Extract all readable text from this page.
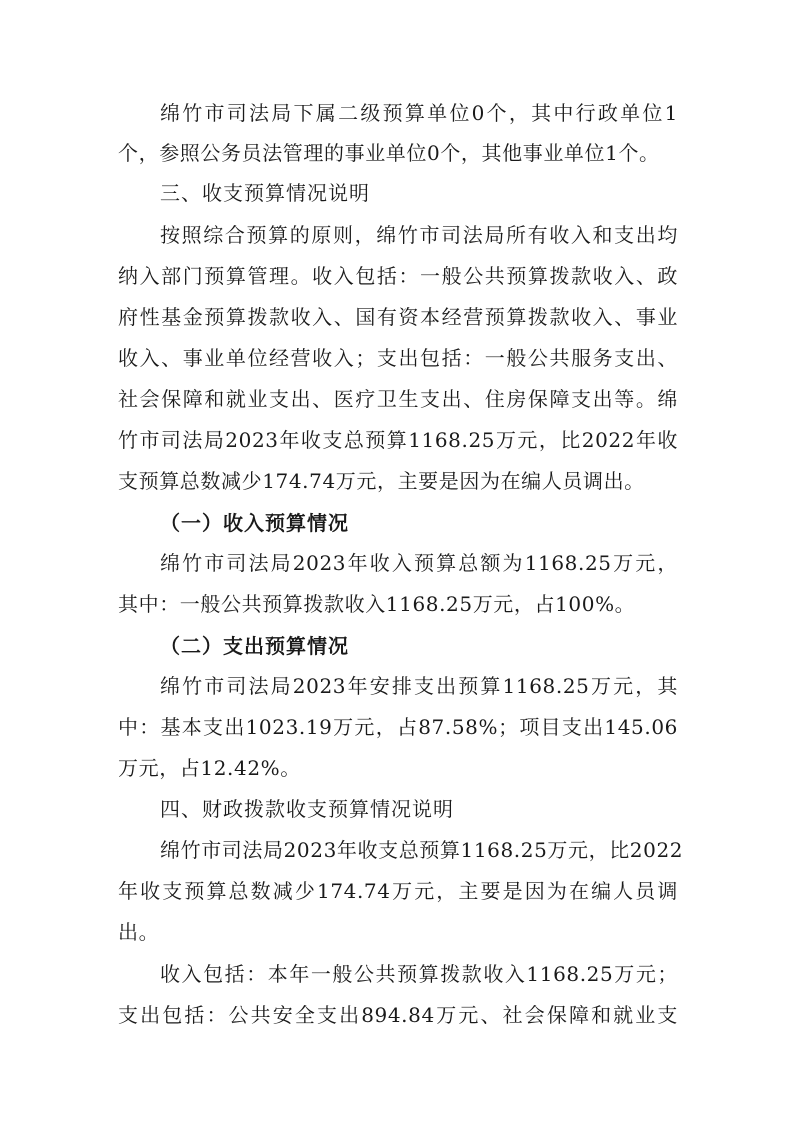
绵竹市司法局下属二级预算单位0个，其中行政单位1
个，参照公务员法管理的事业单位0个，其他事业单位1个。
三、收支预算情况说明
按照综合预算的原则，绵竹市司法局所有收入和支出均
纳入部门预算管理。收入包括：一般公共预算拨款收入、政
府性基金预算拨款收入、国有资本经营预算拨款收入、事业
收入、事业单位经营收入；支出包括：一般公共服务支出、
社会保障和就业支出、医疗卫生支出、住房保障支出等。绵
竹市司法局2023年收支总预算1168.25万元，比2022年收
支预算总数减少174.74万元，主要是因为在编人员调出。
（一）收入预算情况
绵竹市司法局2023年收入预算总额为1168.25万元，
其中：一般公共预算拨款收入1168.25万元，占100%。
（二）支出预算情况
绵竹市司法局2023年安排支出预算1168.25万元，其
中：基本支出1023.19万元，占87.58%；项目支出145.06
万元，占12.42%。
四、财政拨款收支预算情况说明
绵竹市司法局2023年收支总预算1168.25万元，比2022
年收支预算总数减少174.74万元，主要是因为在编人员调
出。
收入包括：本年一般公共预算拨款收入1168.25万元；
支出包括：公共安全支出894.84万元、社会保障和就业支
